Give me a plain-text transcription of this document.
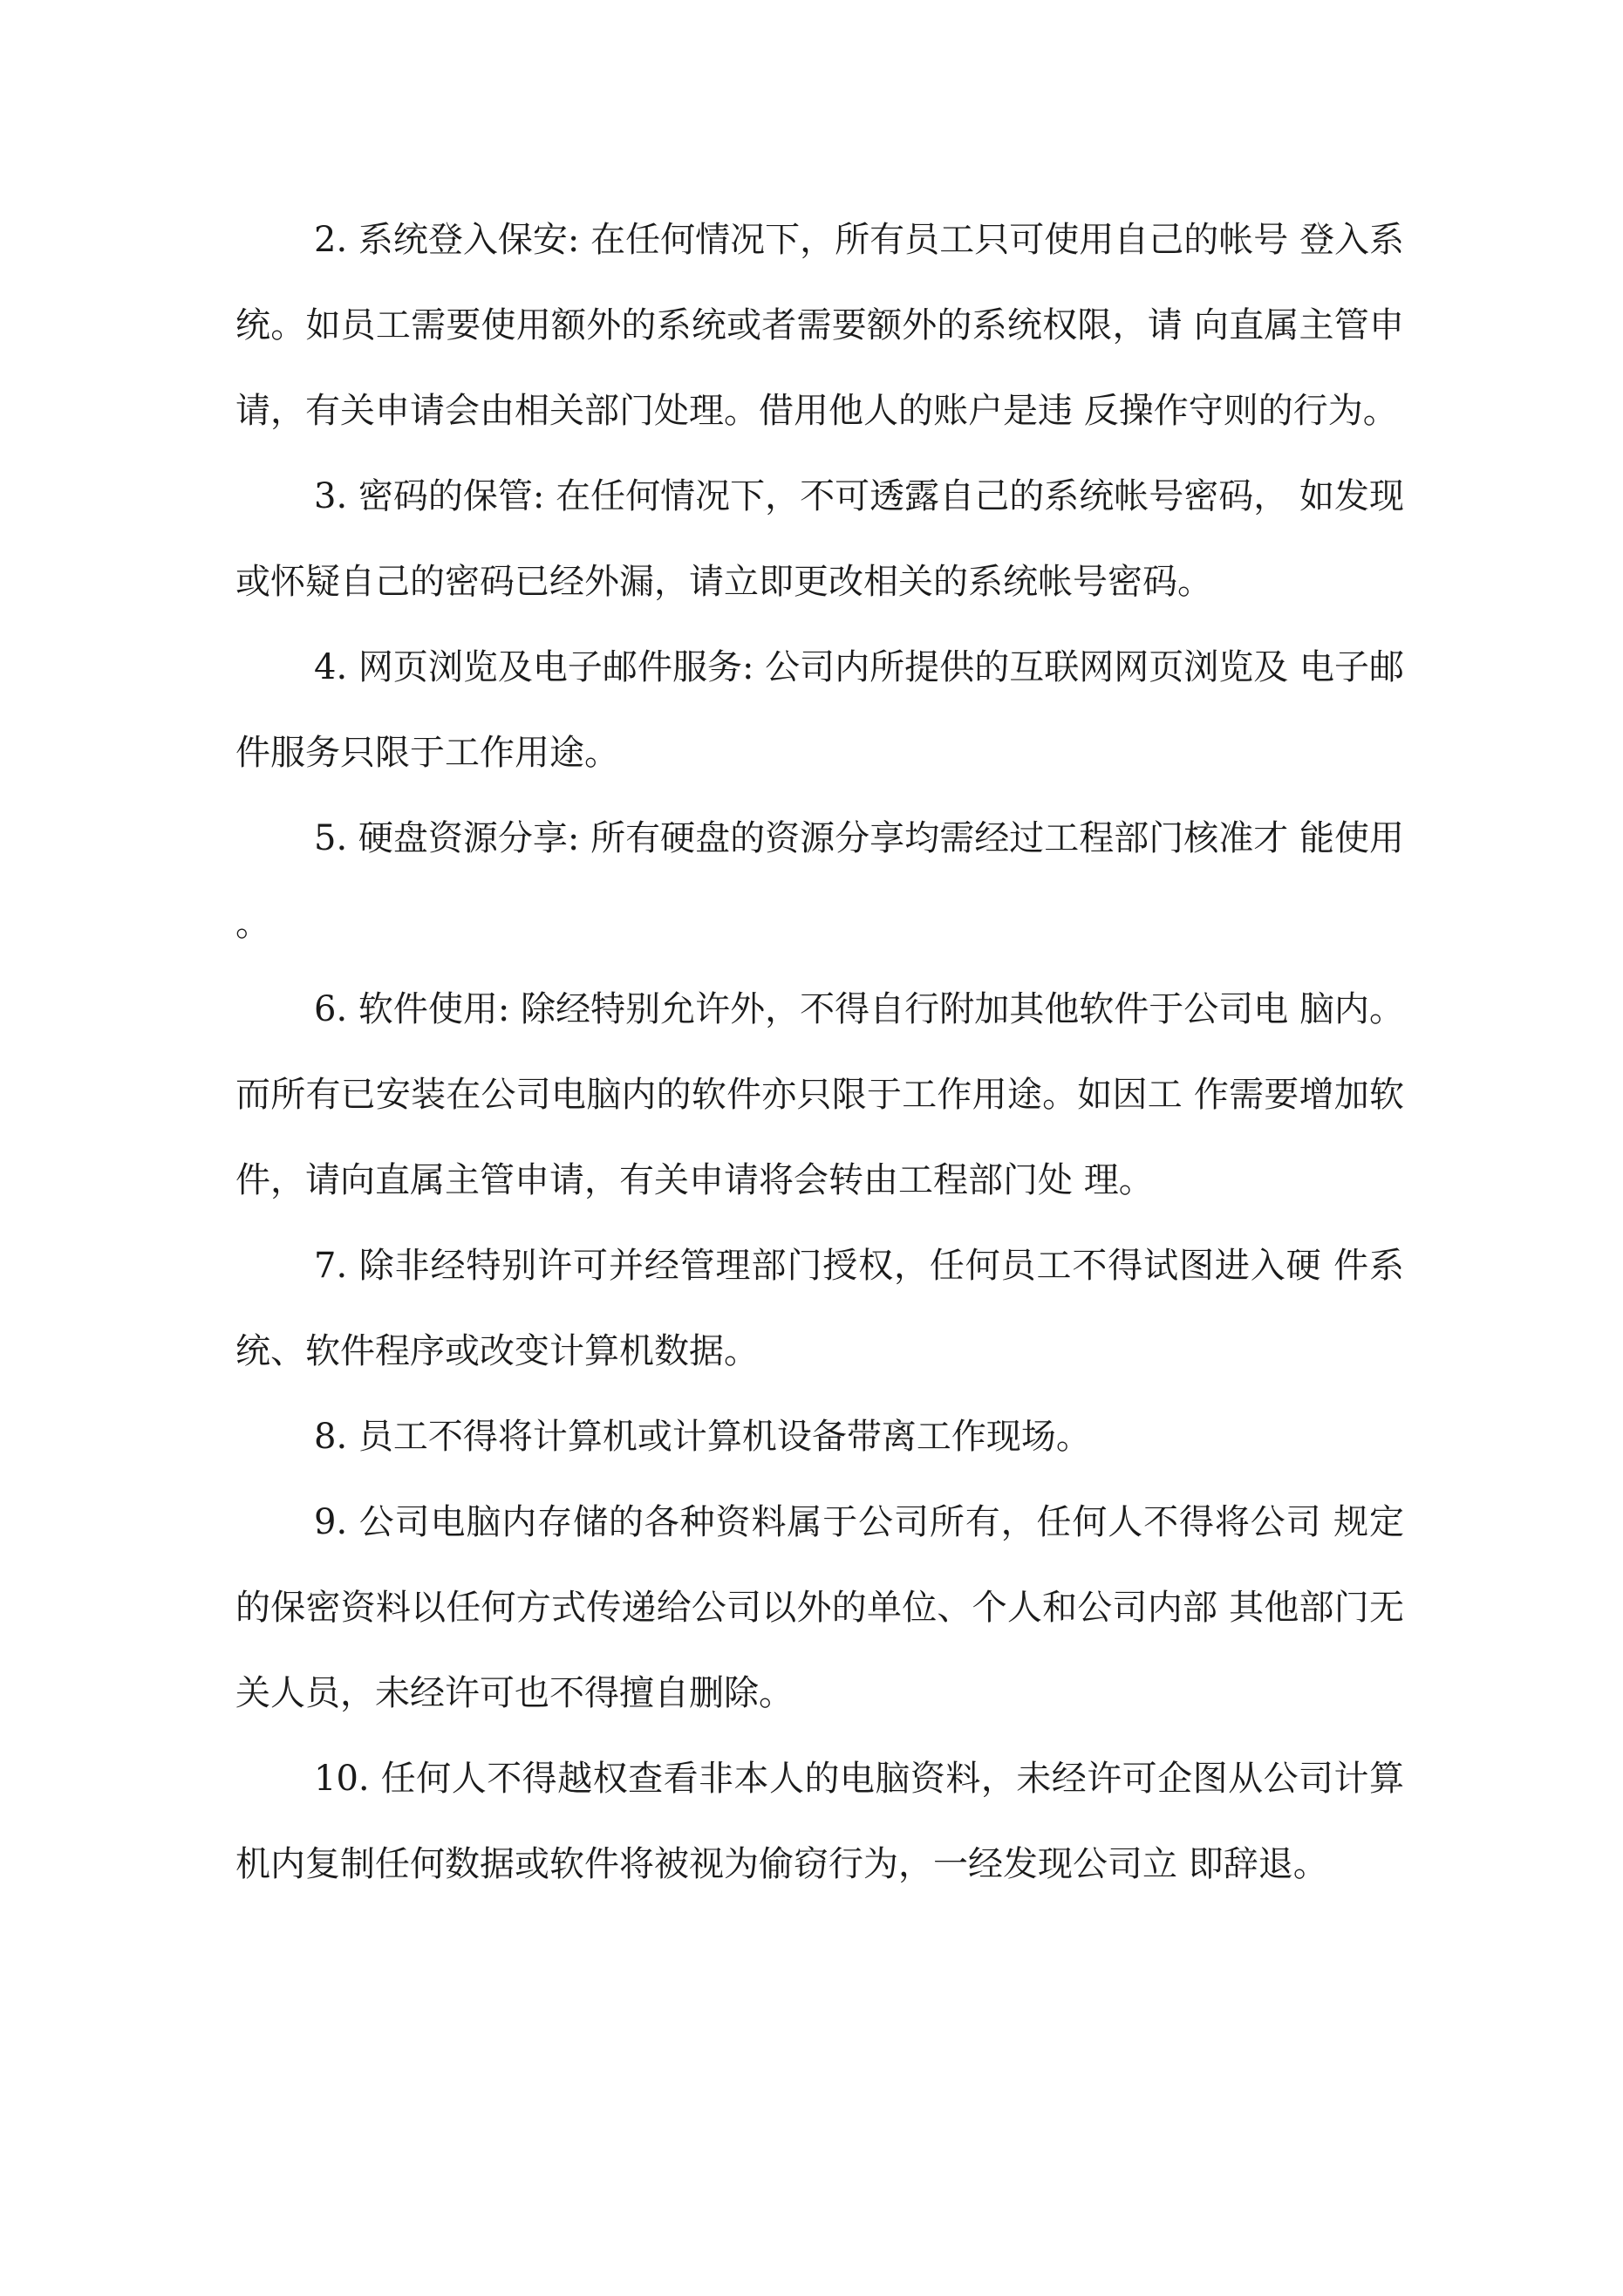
2. 系统登入保安: 在任何情况下，所有员工只可使用自己的帐号 登入系统。如员工需要使用额外的系统或者需要额外的系统权限，请 向直属主管申请，有关申请会由相关部门处理。借用他人的账户是违 反操作守则的行为。

3. 密码的保管: 在任何情况下，不可透露自己的系统帐号密码， 如发现或怀疑自己的密码已经外漏，请立即更改相关的系统帐号密码。

4. 网页浏览及电子邮件服务: 公司内所提供的互联网网页浏览及 电子邮件服务只限于工作用途。

5. 硬盘资源分享: 所有硬盘的资源分享均需经过工程部门核准才 能使用。

6. 软件使用: 除经特别允许外，不得自行附加其他软件于公司电 脑内。而所有已安装在公司电脑内的软件亦只限于工作用途。如因工 作需要增加软件，请向直属主管申请，有关申请将会转由工程部门处 理。

7. 除非经特别许可并经管理部门授权，任何员工不得试图进入硬 件系统、软件程序或改变计算机数据。

8. 员工不得将计算机或计算机设备带离工作现场。

9. 公司电脑内存储的各种资料属于公司所有，任何人不得将公司 规定的保密资料以任何方式传递给公司以外的单位、个人和公司内部 其他部门无关人员，未经许可也不得擅自删除。

10. 任何人不得越权查看非本人的电脑资料，未经许可企图从公司计算机内复制任何数据或软件将被视为偷窃行为，一经发现公司立 即辞退。
